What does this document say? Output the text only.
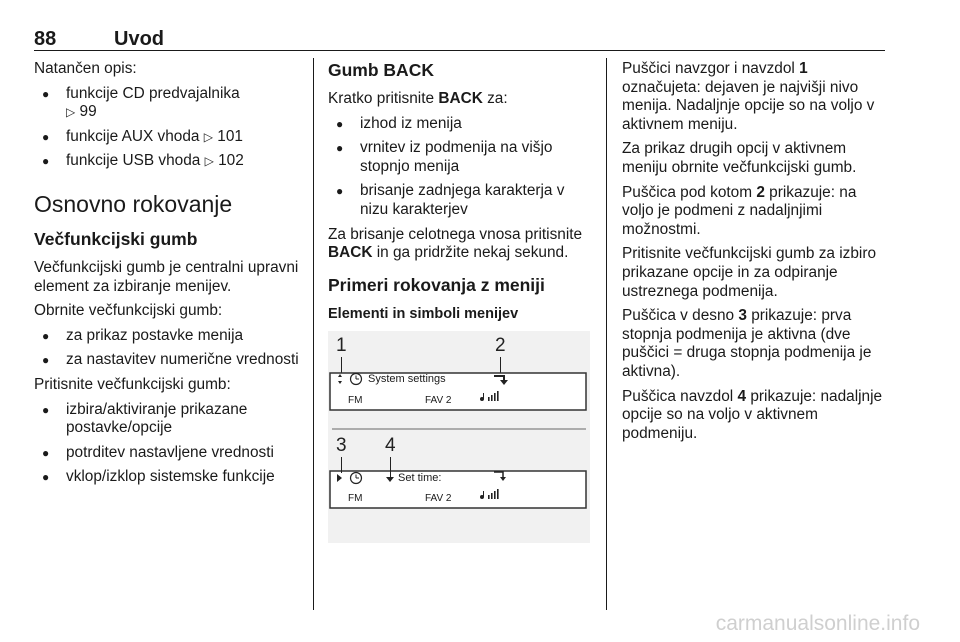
88	Uvod

Natančen opis:

● funkcije CD predvajalnika
▷ 99
● funkcije AUX vhoda ▷ 101
● funkcije USB vhoda ▷ 102
Osnovno rokovanje
Večfunkcijski gumb

Večfunkcijski gumb je centralni upravni element za izbiranje menijev.

Obrnite večfunkcijski gumb:

● za prikaz postavke menija
● za nastavitev numerične vrednosti

Pritisnite večfunkcijski gumb:

● izbira/aktiviranje prikazane postavke/opcije
● potrditev nastavljene vrednosti
● vklop/izklop sistemske funkcije
Gumb BACK

Kratko pritisnite BACK za:

● izhod iz menija
● vrnitev iz podmenija na višjo stopnjo menija
● brisanje zadnjega karakterja v nizu karakterjev

Za brisanje celotnega vnosa pritisnite BACK in ga pridržite nekaj sekund.

Primeri rokovanja z meniji
Elementi in simboli menijev
1	2
System settings
FM	FAV 2
3 4
Set time:
FM	FAV 2

Puščici navzgor i navzdol 1 označujeta: dejaven je najvišji nivo menija. Nadaljnje opcije so na voljo v aktivnem meniju.

Za prikaz drugih opcij v aktivnem meniju obrnite večfunkcijski gumb.

Puščica pod kotom 2 prikazuje: na voljo je podmeni z nadaljnjimi možnostmi.

Pritisnite večfunkcijski gumb za izbiro prikazane opcije in za odpiranje ustreznega podmenija.

Puščica v desno 3 prikazuje: prva stopnja podmenija je aktivna (dve puščici = druga stopnja podmenija je aktivna).

Puščica navzdol 4 prikazuje: nadaljnje opcije so na voljo v aktivnem podmeniju.

carmanualsonline.info
